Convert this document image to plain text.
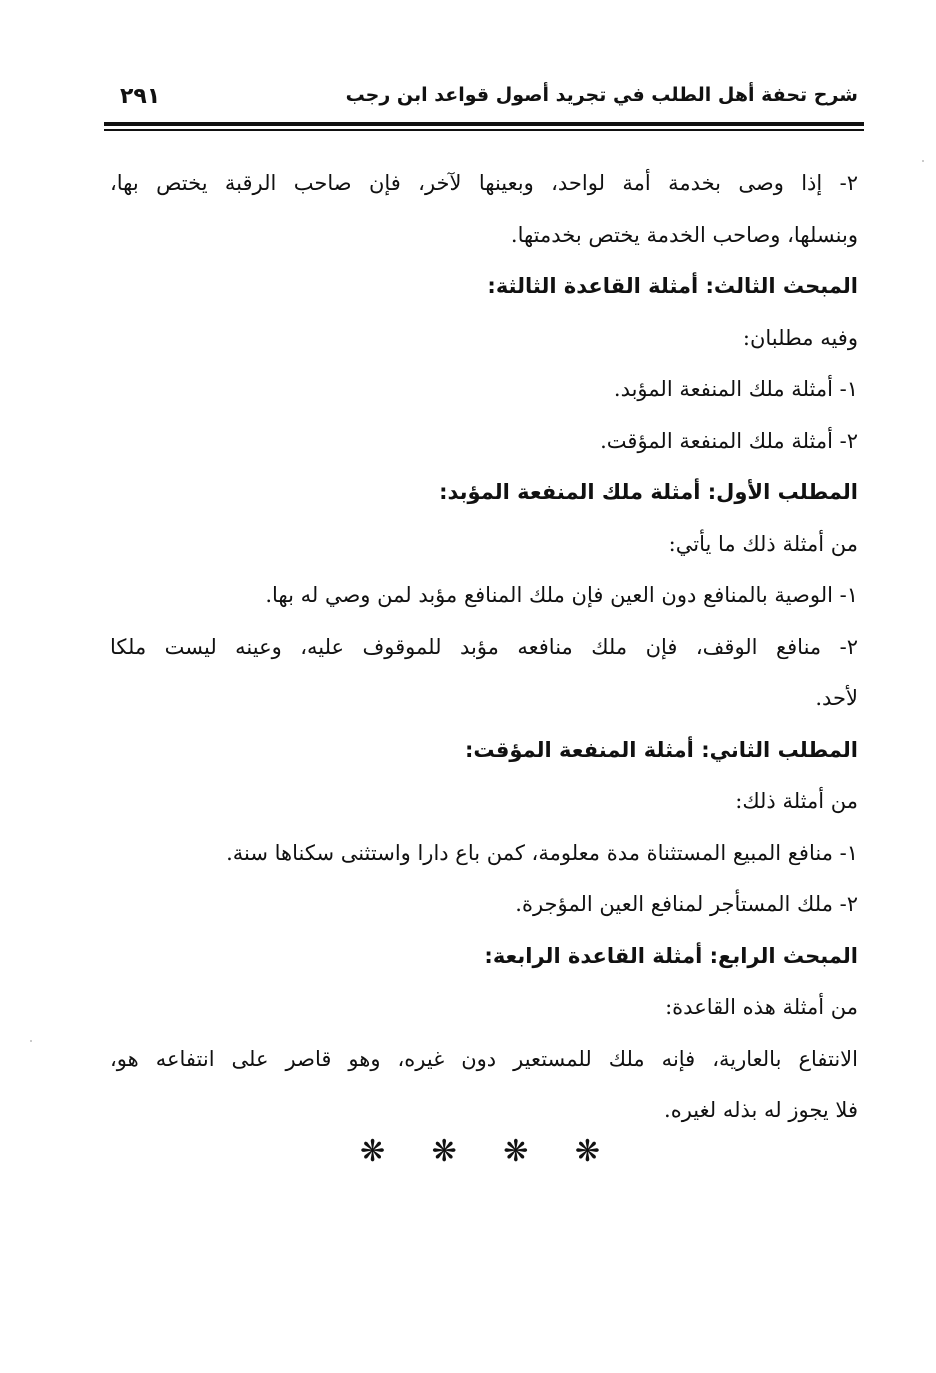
شرح تحفة أهل الطلب في تجريد أصول قواعد ابن رجب
٢٩١
٢- إذا وصى بخدمة أمة لواحد، وبعينها لآخر، فإن صاحب الرقبة يختص بها،
وبنسلها، وصاحب الخدمة يختص بخدمتها.
المبحث الثالث: أمثلة القاعدة الثالثة:
وفيه مطلبان:
١- أمثلة ملك المنفعة المؤبد.
٢- أمثلة ملك المنفعة المؤقت.
المطلب الأول: أمثلة ملك المنفعة المؤبد:
من أمثلة ذلك ما يأتي:
١- الوصية بالمنافع دون العين فإن ملك المنافع مؤبد لمن وصي له بها.
٢- منافع الوقف، فإن ملك منافعه مؤبد للموقوف عليه، وعينه ليست ملكا
لأحد.
المطلب الثاني: أمثلة المنفعة المؤقت:
من أمثلة ذلك:
١- منافع المبيع المستثناة مدة معلومة، كمن باع دارا واستثنى سكناها سنة.
٢- ملك المستأجر لمنافع العين المؤجرة.
المبحث الرابع: أمثلة القاعدة الرابعة:
من أمثلة هذه القاعدة:
الانتفاع بالعارية، فإنه ملك للمستعير دون غيره، وهو قاصر على انتفاعه هو،
فلا يجوز له بذله لغيره.
❋ ❋ ❋ ❋
